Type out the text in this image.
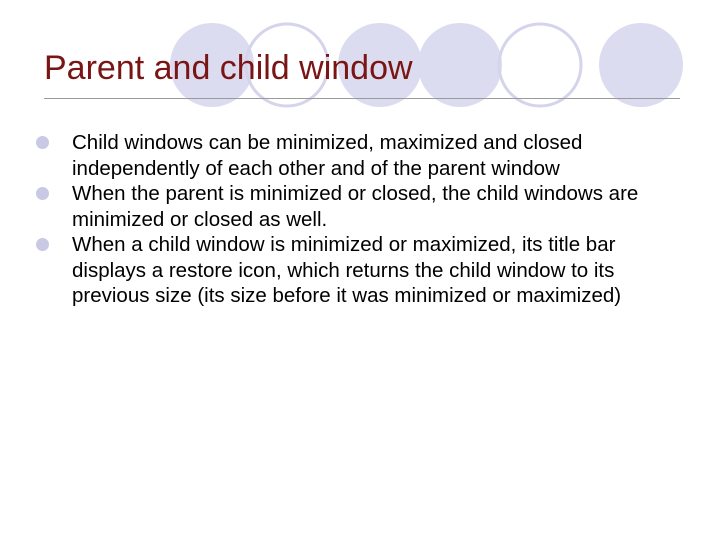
Parent and child window
Child windows can be minimized, maximized and closed independently of each other and of the parent window
When the parent is minimized or closed, the child windows are minimized or closed as well.
When a child window is minimized or maximized, its title bar displays a restore icon, which returns the child window to its previous size (its size before it was minimized or maximized)
